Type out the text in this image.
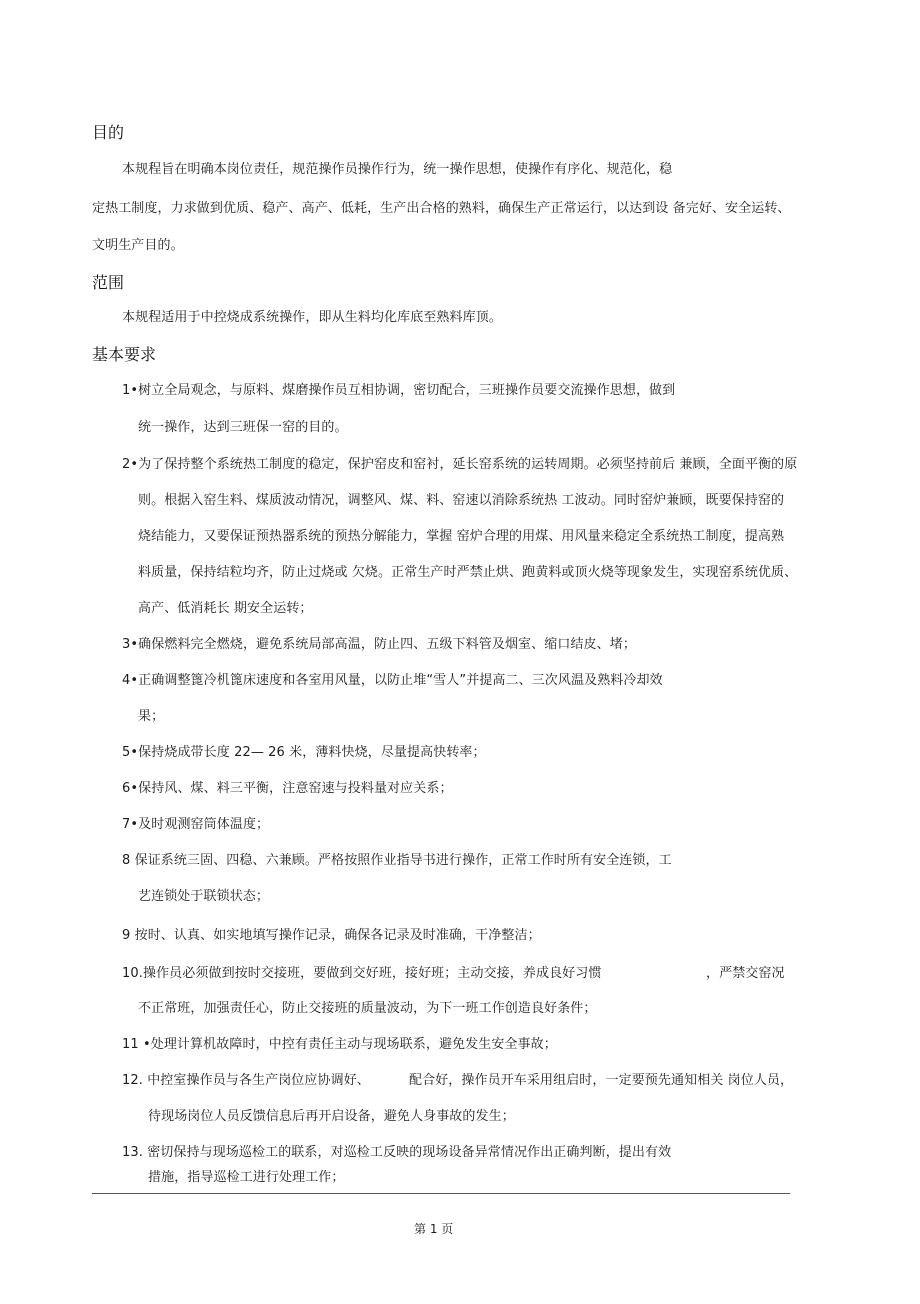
目的
本规程旨在明确本岗位责任，规范操作员操作行为，统一操作思想，使操作有序化、规范化，稳
定热工制度，力求做到优质、稳产、高产、低耗，生产出合格的熟料，确保生产正常运行，以达到设 备完好、安全运转、
文明生产目的。
范围
本规程适用于中控烧成系统操作，即从生料均化库底至熟料库顶。
基本要求
1•树立全局观念，与原料、煤磨操作员互相协调，密切配合，三班操作员要交流操作思想，做到
统一操作，达到三班保一窑的目的。
2•为了保持整个系统热工制度的稳定，保护窑皮和窑衬，延长窑系统的运转周期。必须坚持前后 兼顾，全面平衡的原
则。根据入窑生料、煤质波动情况，调整风、煤、料、窑速以消除系统热 工波动。同时窑炉兼顾，既要保持窑的
烧结能力，又要保证预热器系统的预热分解能力，掌握 窑炉合理的用煤、用风量来稳定全系统热工制度，提高熟
料质量，保持结粒均齐，防止过烧或 欠烧。正常生产时严禁止烘、跑黄料或顶火烧等现象发生，实现窑系统优质、
高产、低消耗长 期安全运转；
3•确保燃料完全燃烧，避免系统局部高温，防止四、五级下料管及烟室、缩口结皮、堵；
4•正确调整篦冷机篦床速度和各室用风量，以防止堆“雪人”并提高二、三次风温及熟料冷却效
果；
5•保持烧成带长度 22— 26 米，薄料快烧，尽量提高快转率；
6•保持风、煤、料三平衡，注意窑速与投料量对应关系；
7•及时观测窑筒体温度；
8 保证系统三固、四稳、六兼顾。严格按照作业指导书进行操作，正常工作时所有安全连锁，工
艺连锁处于联锁状态；
9 按时、认真、如实地填写操作记录，确保各记录及时准确，干净整洁；
10.操作员必须做到按时交接班，要做到交好班，接好班；主动交接，养成良好习惯	，严禁交窑况
不正常班，加强责任心，防止交接班的质量波动，为下一班工作创造良好条件；
11 •处理计算机故障时，中控有责任主动与现场联系，避免发生安全事故；
12. 中控室操作员与各生产岗位应协调好、	配合好，操作员开车采用组启时，一定要预先通知相关 岗位人员，
待现场岗位人员反馈信息后再开启设备，避免人身事故的发生；
13. 密切保持与现场巡检工的联系，对巡检工反映的现场设备异常情况作出正确判断，提出有效
措施，指导巡检工进行处理工作；
第 1 页
